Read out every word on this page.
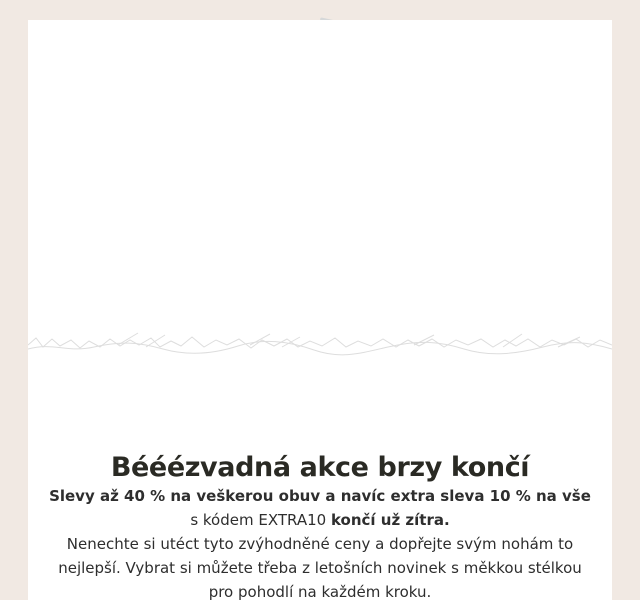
Bééézvadná akce brzy končí
Slevy až 40 % na veškerou obuv a navíc extra sleva 10 % na vše s kódem EXTRA10 končí už zítra.
Nenechte si utéct tyto zvýhodněné ceny a dopřejte svým nohám to nejlepší. Vybrat si můžete třeba z letošních novinek s měkkou stélkou pro pohodlí na každém kroku.
